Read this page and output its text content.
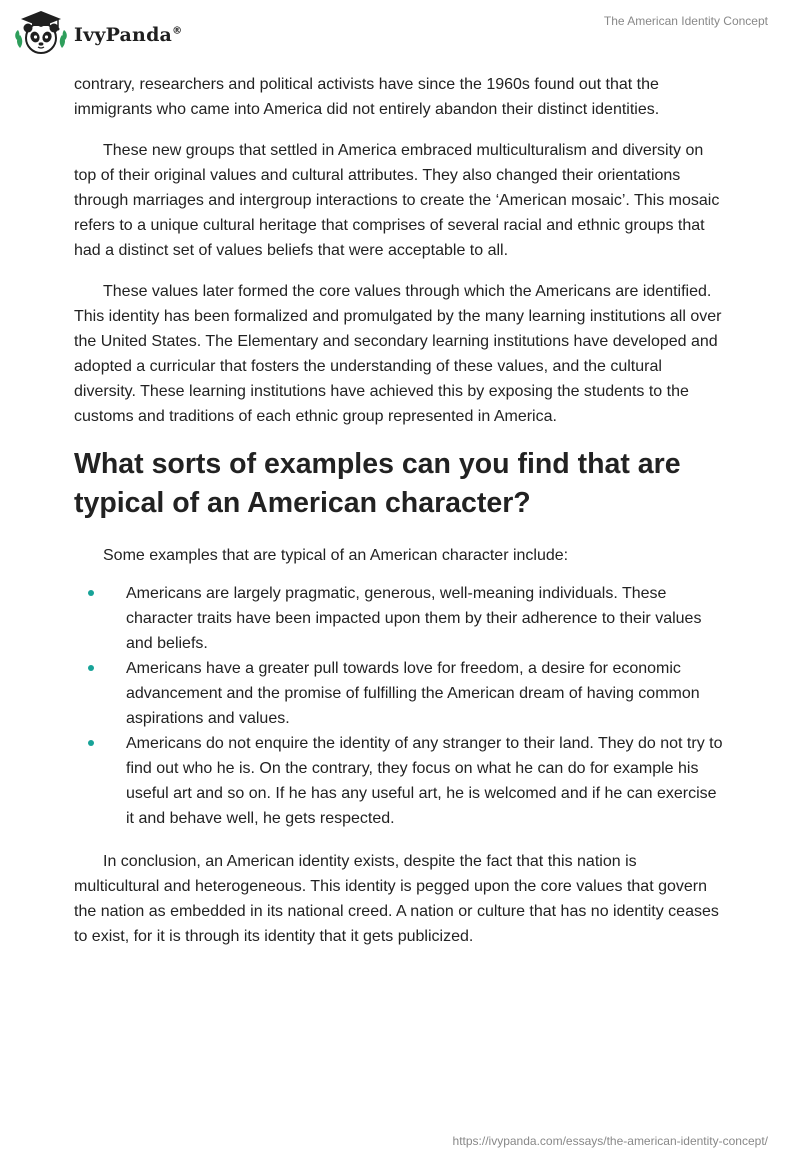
IvyPanda®
The American Identity Concept

contrary, researchers and political activists have since the 1960s found out that the immigrants who came into America did not entirely abandon their distinct identities.

These new groups that settled in America embraced multiculturalism and diversity on top of their original values and cultural attributes. They also changed their orientations through marriages and intergroup interactions to create the ‘American mosaic’. This mosaic refers to a unique cultural heritage that comprises of several racial and ethnic groups that had a distinct set of values beliefs that were acceptable to all.

These values later formed the core values through which the Americans are identified. This identity has been formalized and promulgated by the many learning institutions all over the United States. The Elementary and secondary learning institutions have developed and adopted a curricular that fosters the understanding of these values, and the cultural diversity. These learning institutions have achieved this by exposing the students to the customs and traditions of each ethnic group represented in America.

What sorts of examples can you find that are typical of an American character?

Some examples that are typical of an American character include:

Americans are largely pragmatic, generous, well-meaning individuals. These character traits have been impacted upon them by their adherence to their values and beliefs.
Americans have a greater pull towards love for freedom, a desire for economic advancement and the promise of fulfilling the American dream of having common aspirations and values.
Americans do not enquire the identity of any stranger to their land. They do not try to find out who he is. On the contrary, they focus on what he can do for example his useful art and so on. If he has any useful art, he is welcomed and if he can exercise it and behave well, he gets respected.

In conclusion, an American identity exists, despite the fact that this nation is multicultural and heterogeneous. This identity is pegged upon the core values that govern the nation as embedded in its national creed. A nation or culture that has no identity ceases to exist, for it is through its identity that it gets publicized.

https://ivypanda.com/essays/the-american-identity-concept/
